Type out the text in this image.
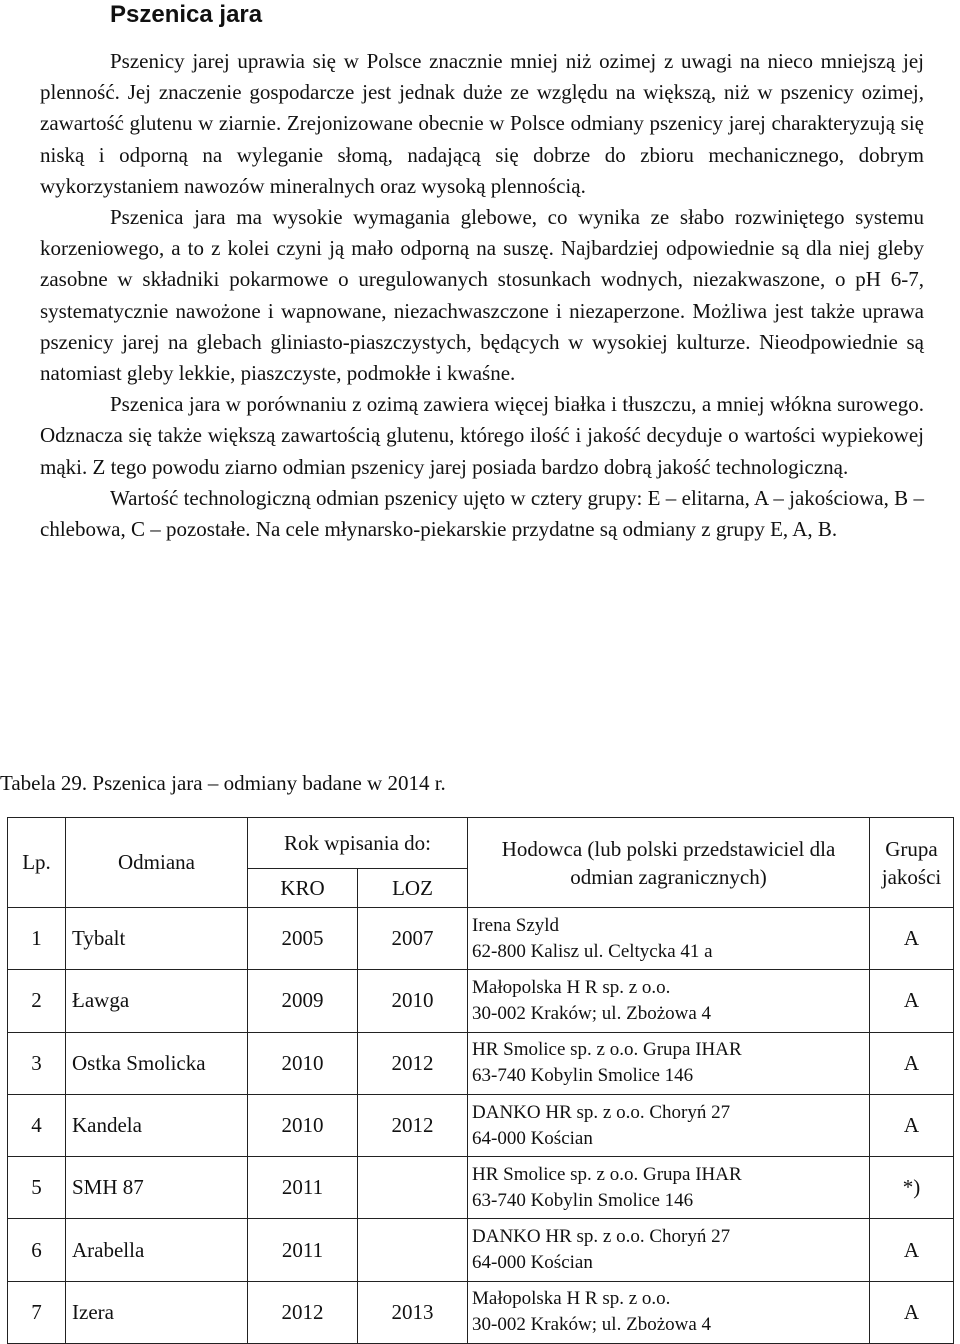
Pszenica jara

Pszenicy jarej uprawia się w Polsce znacznie mniej niż ozimej z uwagi na nieco mniejszą jej plenność. Jej znaczenie gospodarcze jest jednak duże ze względu na większą, niż w pszenicy ozimej, zawartość glutenu w ziarnie. Zrejonizowane obecnie w Polsce odmiany pszenicy jarej charakteryzują się niską i odporną na wyleganie słomą, nadającą się dobrze do zbioru mechanicznego, dobrym wykorzystaniem nawozów mineralnych oraz wysoką plennością.

Pszenica jara ma wysokie wymagania glebowe, co wynika ze słabo rozwiniętego systemu korzeniowego, a to z kolei czyni ją mało odporną na suszę. Najbardziej odpowiednie są dla niej gleby zasobne w składniki pokarmowe o uregulowanych stosunkach wodnych, niezakwaszone, o pH 6-7, systematycznie nawożone i wapnowane, niezachwaszczone i niezaperzone. Możliwa jest także uprawa pszenicy jarej na glebach gliniasto-piaszczystych, będących w wysokiej kulturze. Nieodpowiednie są natomiast gleby lekkie, piaszczyste, podmokłe i kwaśne.

Pszenica jara w porównaniu z ozimą zawiera więcej białka i tłuszczu, a mniej włókna surowego. Odznacza się także większą zawartością glutenu, którego ilość i jakość decyduje o wartości wypiekowej mąki. Z tego powodu ziarno odmian pszenicy jarej posiada bardzo dobrą jakość technologiczną.

Wartość technologiczną odmian pszenicy ujęto w cztery grupy: E – elitarna, A – jakościowa, B – chlebowa, C – pozostałe. Na cele młynarsko-piekarskie przydatne są odmiany z grupy E, A, B.

Tabela 29. Pszenica jara – odmiany badane w 2014 r.

Lp.	Odmiana	Rok wpisania do:		Hodowca (lub polski przedstawiciel dla odmian zagranicznych)	Grupa jakości
		KRO	LOZ		
1	Tybalt	2005	2007	Irena Szyld
62-800 Kalisz ul. Celtycka 41 a	A
2	Ławga	2009	2010	Małopolska H R sp. z o.o.
30-002 Kraków; ul. Zbożowa 4	A
3	Ostka Smolicka	2010	2012	HR Smolice sp. z o.o. Grupa IHAR
63-740 Kobylin Smolice 146	A
4	Kandela	2010	2012	DANKO HR sp. z o.o. Choryń 27
64-000 Kościan	A
5	SMH 87	2011		HR Smolice sp. z o.o. Grupa IHAR
63-740 Kobylin Smolice 146	*)
6	Arabella	2011		DANKO HR sp. z o.o. Choryń 27
64-000 Kościan	A
7	Izera	2012	2013	Małopolska H R sp. z o.o.
30-002 Kraków; ul. Zbożowa 4	A
